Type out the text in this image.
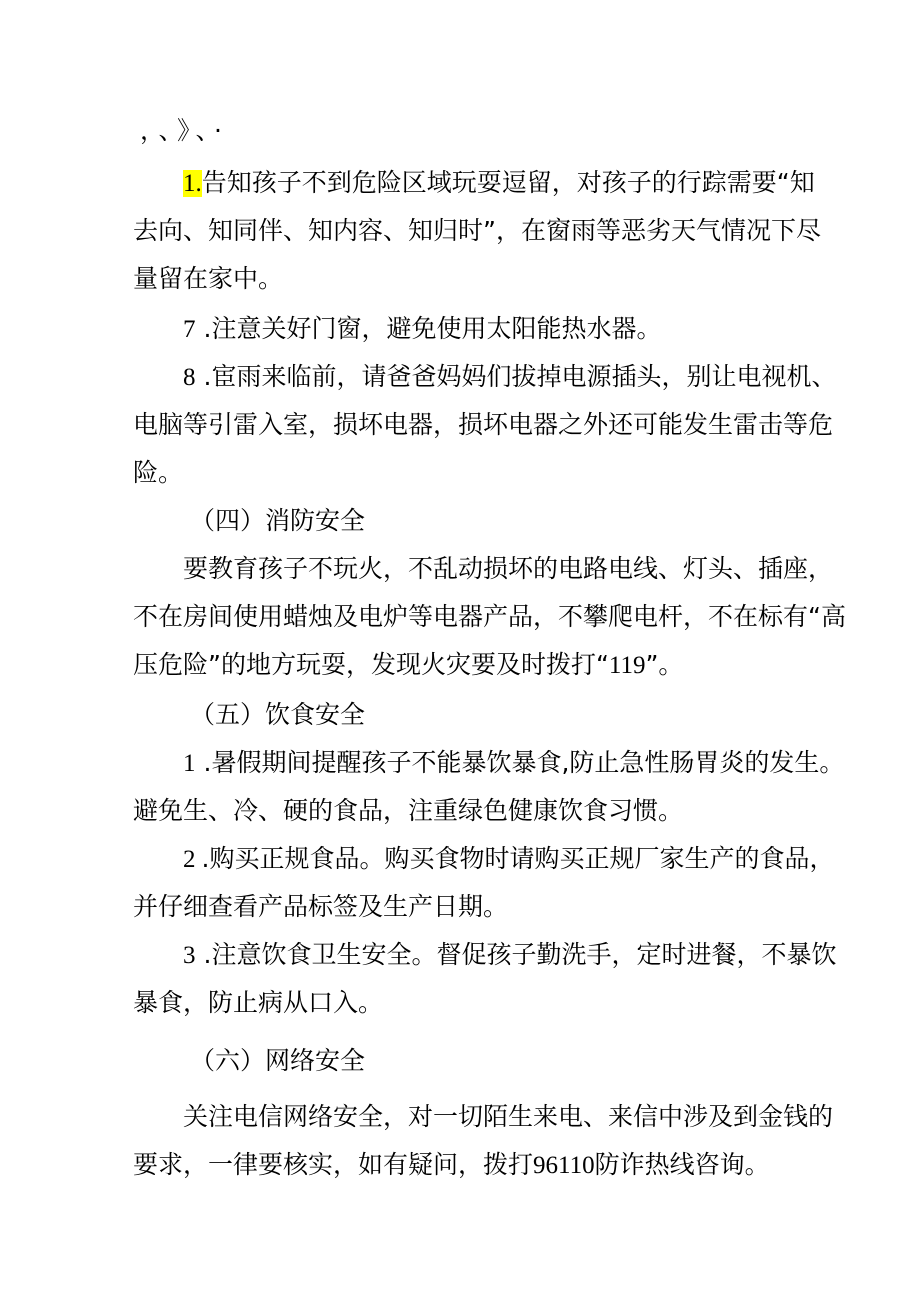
，、》、·
1.告知孩子不到危险区域玩耍逗留，对孩子的行踪需要“知
去向、知同伴、知内容、知归时”，在窗雨等恶劣天气情况下尽
量留在家中。
7 .注意关好门窗，避免使用太阳能热水器。
8 .宦雨来临前，请爸爸妈妈们拔掉电源插头，别让电视机、
电脑等引雷入室，损坏电器，损坏电器之外还可能发生雷击等危
险。
（四）消防安全
要教育孩子不玩火，不乱动损坏的电路电线、灯头、插座，
不在房间使用蜡烛及电炉等电器产品，不攀爬电杆，不在标有“高
压危险”的地方玩耍，发现火灾要及时拨打“119”。
（五）饮食安全
1 .暑假期间提醒孩子不能暴饮暴食,防止急性肠胃炎的发生。
避免生、冷、硬的食品，注重绿色健康饮食习惯。
2 .购买正规食品。购买食物时请购买正规厂家生产的食品，
并仔细查看产品标签及生产日期。
3 .注意饮食卫生安全。督促孩子勤洗手，定时进餐，不暴饮
暴食，防止病从口入。
（六）网络安全
关注电信网络安全，对一切陌生来电、来信中涉及到金钱的
要求，一律要核实，如有疑问，拨打96110防诈热线咨询。
